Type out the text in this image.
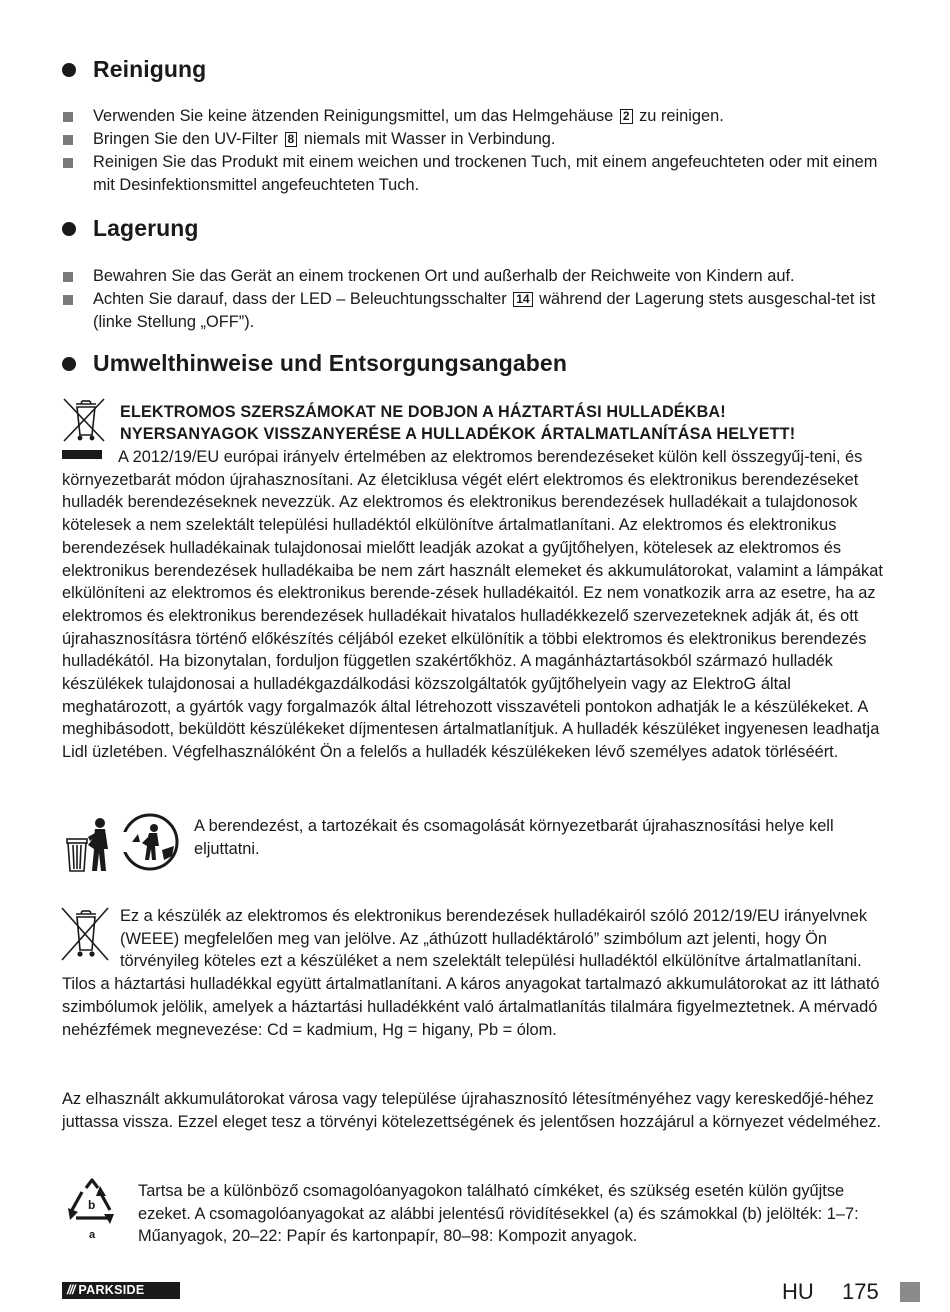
Reinigung
Verwenden Sie keine ätzenden Reinigungsmittel, um das Helmgehäuse 2 zu reinigen.
Bringen Sie den UV-Filter 8 niemals mit Wasser in Verbindung.
Reinigen Sie das Produkt mit einem weichen und trockenen Tuch, mit einem angefeuchteten oder mit einem mit Desinfektionsmittel angefeuchteten Tuch.
Lagerung
Bewahren Sie das Gerät an einem trockenen Ort und außerhalb der Reichweite von Kindern auf.
Achten Sie darauf, dass der LED – Beleuchtungsschalter 14 während der Lagerung stets ausgeschal-tet ist (linke Stellung „OFF”).
Umwelthinweise und Entsorgungsangaben
ELEKTROMOS SZERSZÁMOKAT NE DOBJON A HÁZTARTÁSI HULLADÉKBA!
NYERSANYAGOK VISSZANYERÉSE A HULLADÉKOK ÁRTALMATLANÍTÁSA HELYETT!

A 2012/19/EU európai irányelv értelmében az elektromos berendezéseket külön kell összegyűj-teni, és környezetbarát módon újrahasznosítani. Az életciklusa végét elért elektromos és elektronikus berendezéseket hulladék berendezéseknek nevezzük. Az elektromos és elektronikus berendezések hulladékait a tulajdonosok kötelesek a nem szelektált települési hulladéktól elkülönítve ártalmatlanítani. Az elektromos és elektronikus berendezések hulladékainak tulajdonosai mielőtt leadják azokat a gyűjtőhelyen, kötelesek az elektromos és elektronikus berendezések hulladékaiba be nem zárt használt elemeket és akkumulátorokat, valamint a lámpákat elkülöníteni az elektromos és elektronikus berende-zések hulladékaitól. Ez nem vonatkozik arra az esetre, ha az elektromos és elektronikus berendezések hulladékait hivatalos hulladékkezelő szervezeteknek adják át, és ott újrahasznosításra történő előkészítés céljából ezeket elkülönítik a többi elektromos és elektronikus berendezés hulladékától. Ha bizonytalan, forduljon független szakértőkhöz. A magánháztartásokból származó hulladék készülékek tulajdonosai a hulladékgazdálkodási közszolgáltatók gyűjtőhelyein vagy az ElektroG által meghatározott, a gyártók vagy forgalmazók által létrehozott visszavételi pontokon adhatják le a készülékeket. A meghibásodott, beküldött készülékeket díjmentesen ártalmatlanítjuk. A hulladék készüléket ingyenesen leadhatja Lidl üzletében. Végfelhasználóként Ön a felelős a hulladék készülékeken lévő személyes adatok törléséért.

A berendezést, a tartozékait és csomagolását környezetbarát újrahasznosítási helye kell eljuttatni.

Ez a készülék az elektromos és elektronikus berendezések hulladékairól szóló 2012/19/EU irányelvnek (WEEE) megfelelően meg van jelölve. Az „áthúzott hulladéktároló” szimbólum azt jelenti, hogy Ön törvényileg köteles ezt a készüléket a nem szelektált települési hulladéktól elkülönítve ártalmatlanítani. Tilos a háztartási hulladékkal együtt ártalmatlanítani. A káros anyagokat tartalmazó akkumulátorokat az itt látható szimbólumok jelölik, amelyek a háztartási hulladékként való ártalmatlanítás tilalmára figyelmeztetnek. A mérvadó nehézfémek megnevezése: Cd = kadmium, Hg = higany, Pb = ólom.

Az elhasznált akkumulátorokat városa vagy települése újrahasznosító létesítményéhez vagy kereskedőjé-héhez juttassa vissza. Ezzel eleget tesz a törvényi kötelezettségének és jelentősen hozzájárul a környezet védelméhez.

b
a

Tartsa be a különböző csomagolóanyagokon található címkéket, és szükség esetén külön gyűjtse ezeket. A csomagolóanyagokat az alábbi jelentésű rövidítésekkel (a) és számokkal (b) jelölték: 1–7: Műanyagok, 20–22: Papír és kartonpapír, 80–98: Kompozit anyagok.

/// PARKSIDE	HU 175
